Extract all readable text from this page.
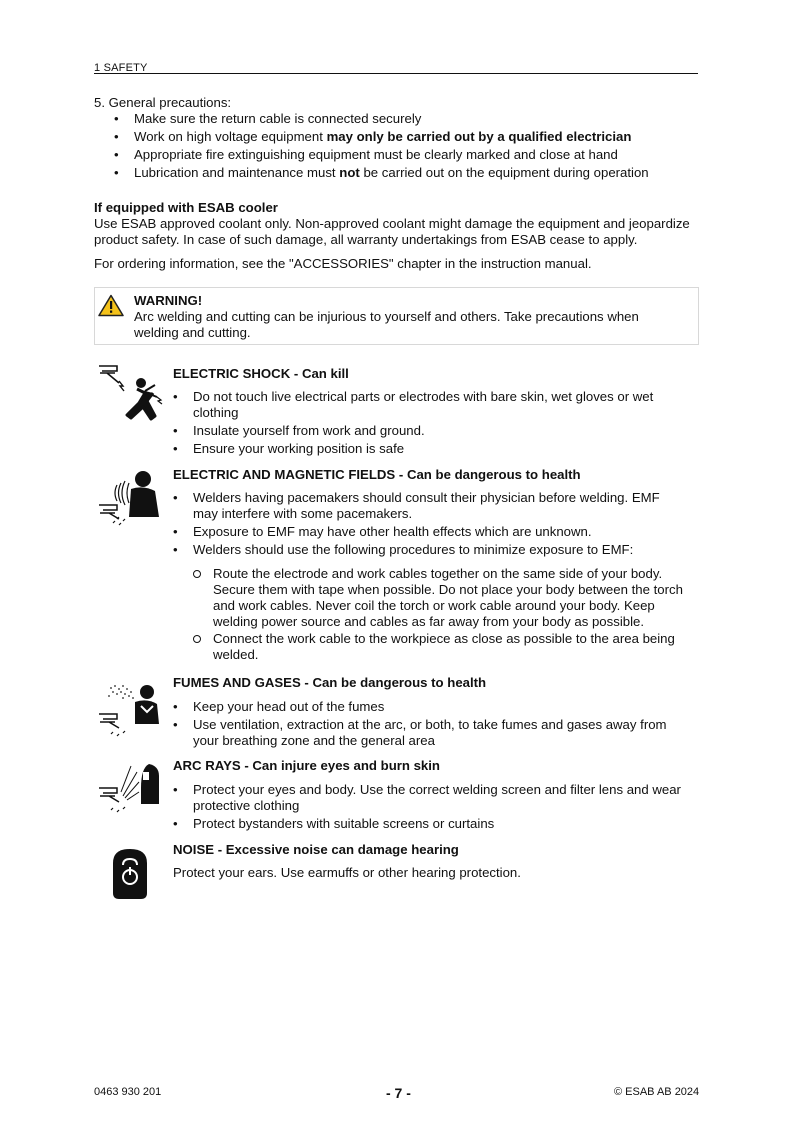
1 SAFETY
5. General precautions:
• Make sure the return cable is connected securely
• Work on high voltage equipment may only be carried out by a qualified electrician
• Appropriate fire extinguishing equipment must be clearly marked and close at hand
• Lubrication and maintenance must not be carried out on the equipment during operation
If equipped with ESAB cooler
Use ESAB approved coolant only. Non-approved coolant might damage the equipment and jeopardize
product safety. In case of such damage, all warranty undertakings from ESAB cease to apply.
For ordering information, see the "ACCESSORIES" chapter in the instruction manual.
WARNING!
Arc welding and cutting can be injurious to yourself and others. Take precautions when
welding and cutting.
ELECTRIC SHOCK - Can kill
• Do not touch live electrical parts or electrodes with bare skin, wet gloves or wet
clothing
• Insulate yourself from work and ground.
• Ensure your working position is safe
ELECTRIC AND MAGNETIC FIELDS - Can be dangerous to health
• Welders having pacemakers should consult their physician before welding. EMF
may interfere with some pacemakers.
• Exposure to EMF may have other health effects which are unknown.
• Welders should use the following procedures to minimize exposure to EMF:
Route the electrode and work cables together on the same side of your body.
Secure them with tape when possible. Do not place your body between the torch
and work cables. Never coil the torch or work cable around your body. Keep
welding power source and cables as far away from your body as possible.
Connect the work cable to the workpiece as close as possible to the area being
welded.
FUMES AND GASES - Can be dangerous to health
• Keep your head out of the fumes
• Use ventilation, extraction at the arc, or both, to take fumes and gases away from
your breathing zone and the general area
ARC RAYS - Can injure eyes and burn skin
• Protect your eyes and body. Use the correct welding screen and filter lens and wear
protective clothing
• Protect bystanders with suitable screens or curtains
NOISE - Excessive noise can damage hearing
Protect your ears. Use earmuffs or other hearing protection.
0463 930 201	- 7 -	© ESAB AB 2024
